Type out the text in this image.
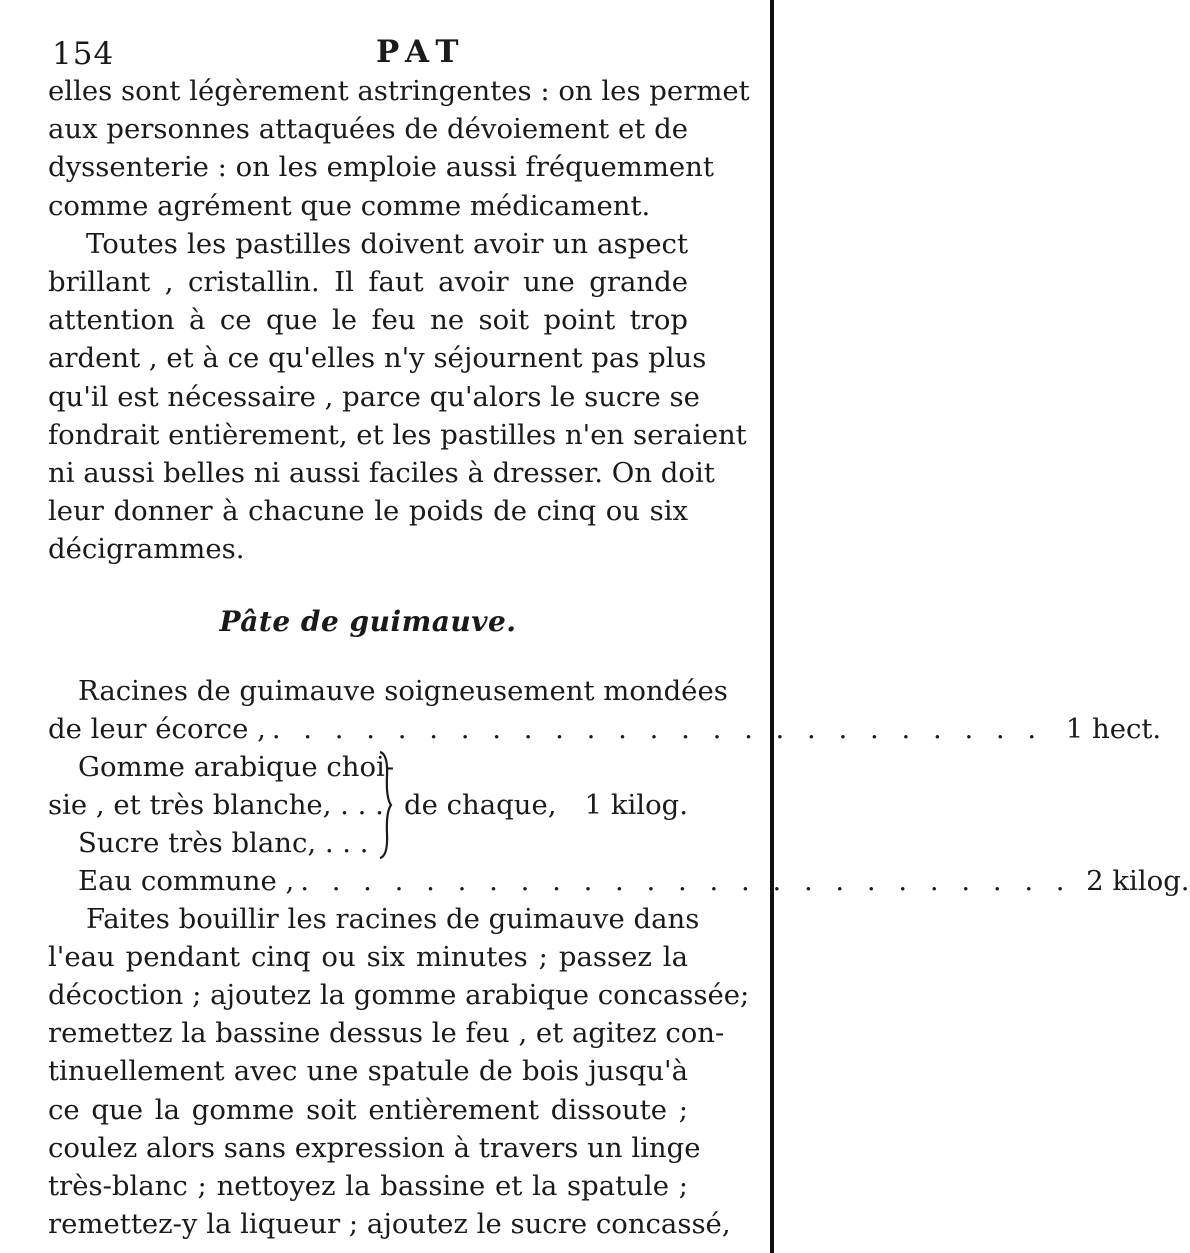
154	PAT

elles sont légèrement astringentes : on les permet
aux personnes attaquées de dévoiement et de
dyssenterie : on les emploie aussi fréquemment
comme agrément que comme médicament.

Toutes les pastilles doivent avoir un aspect
brillant , cristallin. Il faut avoir une grande
attention à ce que le feu ne soit point trop
ardent , et à ce qu'elles n'y séjournent pas plus
qu'il est nécessaire , parce qu'alors le sucre se
fondrait entièrement, et les pastilles n'en seraient
ni aussi belles ni aussi faciles à dresser. On doit
leur donner à chacune le poids de cinq ou six
décigrammes.

Pâte de guimauve.
Racines de guimauve soigneusement mondées
de leur écorce , . . . . . . . . . . . . . . . . . . . . . . . . . 1 hect.
Gomme arabique choi-
sie , et très blanche, . . .
Sucre très blanc, . . .
de chaque, 1 kilog.
Eau commune , . . . . . . . . . . . . . . . . . . . . . . . . . 2 kilog.

Faites bouillir les racines de guimauve dans
l'eau pendant cinq ou six minutes ; passez la
décoction ; ajoutez la gomme arabique concassée;
remettez la bassine dessus le feu , et agitez con-
tinuellement avec une spatule de bois jusqu'à
ce que la gomme soit entièrement dissoute ;
coulez alors sans expression à travers un linge
très-blanc ; nettoyez la bassine et la spatule ;
remettez-y la liqueur ; ajoutez le sucre concassé,
